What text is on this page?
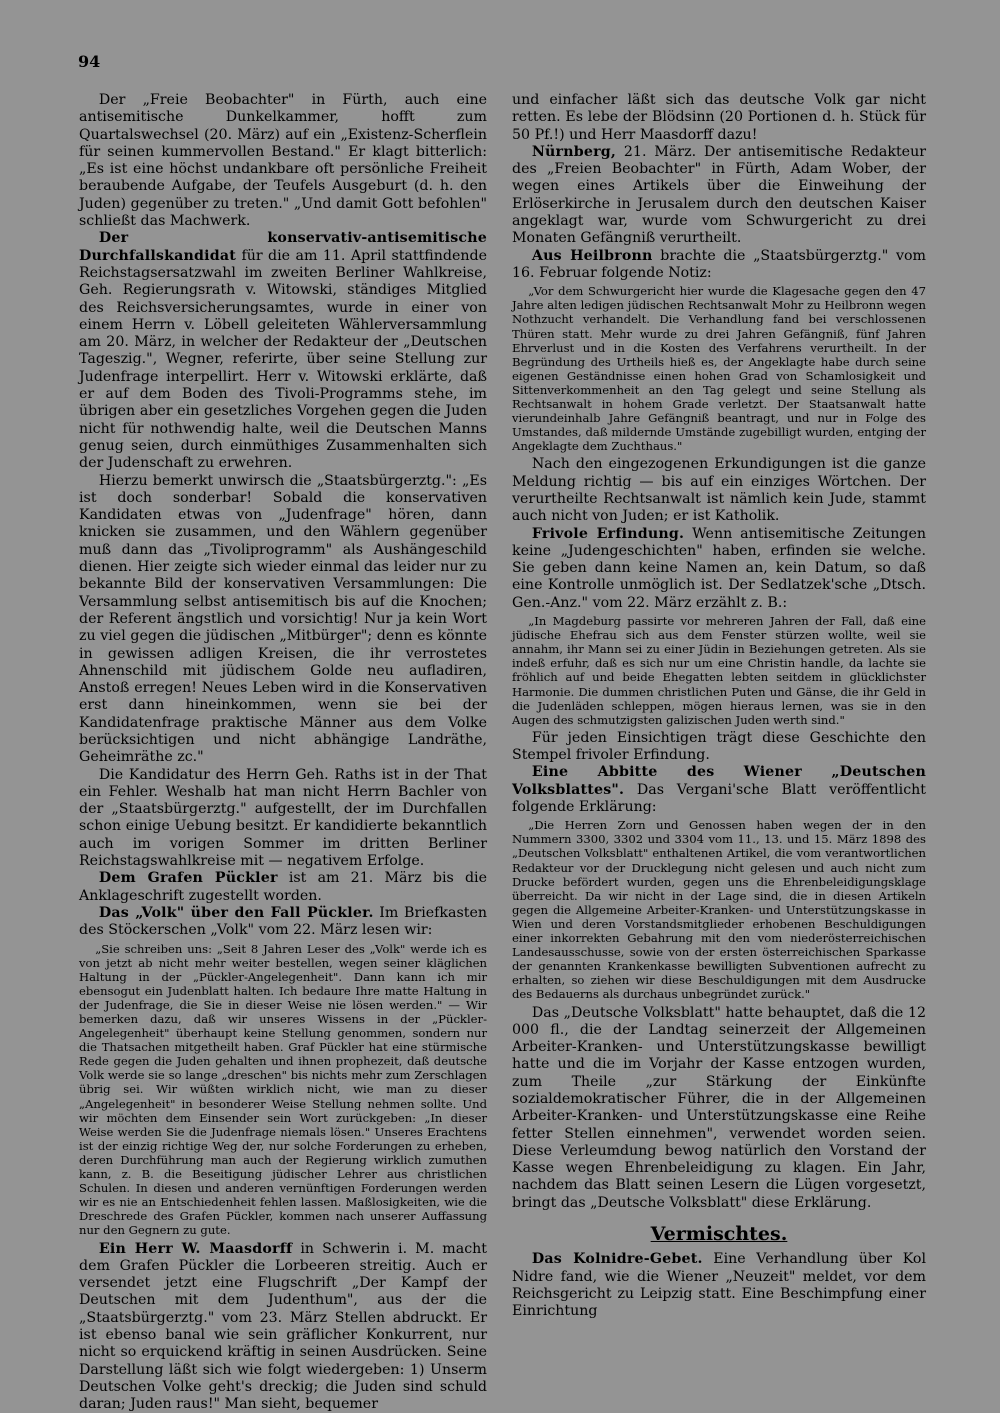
94

Der „Freie Beobachter" in Fürth, auch eine antisemitische Dunkelkammer, hofft zum Quartalswechsel (20. März) auf ein „Existenz-Scherflein für seinen kummervollen Bestand." Er klagt bitterlich: „Es ist eine höchst undankbare oft persönliche Freiheit beraubende Aufgabe, der Teufels Ausgeburt (d. h. den Juden) gegenüber zu treten." „Und damit Gott befohlen" schließt das Machwerk.

Der konservativ-antisemitische Durchfallskandidat für die am 11. April stattfindende Reichstagsersatzwahl im zweiten Berliner Wahlkreise, Geh. Regierungsrath v. Witowski, ständiges Mitglied des Reichsversicherungsamtes, wurde in einer von einem Herrn v. Löbell geleiteten Wählerversammlung am 20. März, in welcher der Redakteur der „Deutschen Tageszig.", Wegner, referirte, über seine Stellung zur Judenfrage interpellirt. Herr v. Witowski erklärte, daß er auf dem Boden des Tivoli-Programms stehe, im übrigen aber ein gesetzliches Vorgehen gegen die Juden nicht für nothwendig halte, weil die Deutschen Manns genug seien, durch einmüthiges Zusammenhalten sich der Judenschaft zu erwehren.

Hierzu bemerkt unwirsch die „Staatsbürgerztg.": „Es ist doch sonderbar! Sobald die konservativen Kandidaten etwas von „Judenfrage" hören, dann knicken sie zusammen, und den Wählern gegenüber muß dann das „Tivoliprogramm" als Aushängeschild dienen. Hier zeigte sich wieder einmal das leider nur zu bekannte Bild der konservativen Versammlungen: Die Versammlung selbst antisemitisch bis auf die Knochen; der Referent ängstlich und vorsichtig! Nur ja kein Wort zu viel gegen die jüdischen „Mitbürger"; denn es könnte in gewissen adligen Kreisen, die ihr verrostetes Ahnenschild mit jüdischem Golde neu aufladiren, Anstoß erregen! Neues Leben wird in die Konservativen erst dann hineinkommen, wenn sie bei der Kandidatenfrage praktische Männer aus dem Volke berücksichtigen und nicht abhängige Landräthe, Geheimräthe zc."

Die Kandidatur des Herrn Geh. Raths ist in der That ein Fehler. Weshalb hat man nicht Herrn Bachler von der „Staatsbürgerztg." aufgestellt, der im Durchfallen schon einige Uebung besitzt. Er kandidierte bekanntlich auch im vorigen Sommer im dritten Berliner Reichstagswahlkreise mit — negativem Erfolge.

Dem Grafen Pückler ist am 21. März bis die Anklageschrift zugestellt worden.

Das „Volk" über den Fall Pückler. Im Briefkasten des Stöckerschen „Volk" vom 22. März lesen wir:

„Sie schreiben uns: „Seit 8 Jahren Leser des „Volk" werde ich es von jetzt ab nicht mehr weiter bestellen, wegen seiner kläglichen Haltung in der „Pückler-Angelegenheit". Dann kann ich mir ebensogut ein Judenblatt halten. Ich bedaure Ihre matte Haltung in der Judenfrage, die Sie in dieser Weise nie lösen werden." — Wir bemerken dazu, daß wir unseres Wissens in der „Pückler-Angelegenheit" überhaupt keine Stellung genommen, sondern nur die Thatsachen mitgetheilt haben. Graf Pückler hat eine stürmische Rede gegen die Juden gehalten und ihnen prophezeit, daß deutsche Volk werde sie so lange „dreschen" bis nichts mehr zum Zerschlagen übrig sei. Wir wüßten wirklich nicht, wie man zu dieser „Angelegenheit" in besonderer Weise Stellung nehmen sollte. Und wir möchten dem Einsender sein Wort zurückgeben: „In dieser Weise werden Sie die Judenfrage niemals lösen." Unseres Erachtens ist der einzig richtige Weg der, nur solche Forderungen zu erheben, deren Durchführung man auch der Regierung wirklich zumuthen kann, z. B. die Beseitigung jüdischer Lehrer aus christlichen Schulen. In diesen und anderen vernünftigen Forderungen werden wir es nie an Entschiedenheit fehlen lassen. Maßlosigkeiten, wie die Dreschrede des Grafen Pückler, kommen nach unserer Auffassung nur den Gegnern zu gute.

Ein Herr W. Maasdorff in Schwerin i. M. macht dem Grafen Pückler die Lorbeeren streitig. Auch er versendet jetzt eine Flugschrift „Der Kampf der Deutschen mit dem Judenthum", aus der die „Staatsbürgerztg." vom 23. März Stellen abdruckt. Er ist ebenso banal wie sein gräflicher Konkurrent, nur nicht so erquickend kräftig in seinen Ausdrücken. Seine Darstellung läßt sich wie folgt wiedergeben: 1) Unserm Deutschen Volke geht's dreckig; die Juden sind schuld daran; Juden raus!" Man sieht, bequemer

und einfacher läßt sich das deutsche Volk gar nicht retten. Es lebe der Blödsinn (20 Portionen d. h. Stück für 50 Pf.!) und Herr Maasdorff dazu!

Nürnberg, 21. März. Der antisemitische Redakteur des „Freien Beobachter" in Fürth, Adam Wober, der wegen eines Artikels über die Einweihung der Erlöserkirche in Jerusalem durch den deutschen Kaiser angeklagt war, wurde vom Schwurgericht zu drei Monaten Gefängniß verurtheilt.

Aus Heilbronn brachte die „Staatsbürgerztg." vom 16. Februar folgende Notiz:

„Vor dem Schwurgericht hier wurde die Klagesache gegen den 47 Jahre alten ledigen jüdischen Rechtsanwalt Mohr zu Heilbronn wegen Nothzucht verhandelt. Die Verhandlung fand bei verschlossenen Thüren statt. Mehr wurde zu drei Jahren Gefängniß, fünf Jahren Ehrverlust und in die Kosten des Verfahrens verurtheilt. In der Begründung des Urtheils hieß es, der Angeklagte habe durch seine eigenen Geständnisse einen hohen Grad von Schamlosigkeit und Sittenverkommenheit an den Tag gelegt und seine Stellung als Rechtsanwalt in hohem Grade verletzt. Der Staatsanwalt hatte vierundeinhalb Jahre Gefängniß beantragt, und nur in Folge des Umstandes, daß mildernde Umstände zugebilligt wurden, entging der Angeklagte dem Zuchthaus."

Nach den eingezogenen Erkundigungen ist die ganze Meldung richtig — bis auf ein einziges Wörtchen. Der verurtheilte Rechtsanwalt ist nämlich kein Jude, stammt auch nicht von Juden; er ist Katholik.

Frivole Erfindung. Wenn antisemitische Zeitungen keine „Judengeschichten" haben, erfinden sie welche. Sie geben dann keine Namen an, kein Datum, so daß eine Kontrolle unmöglich ist. Der Sedlatzek'sche „Dtsch. Gen.-Anz." vom 22. März erzählt z. B.:

„In Magdeburg passirte vor mehreren Jahren der Fall, daß eine jüdische Ehefrau sich aus dem Fenster stürzen wollte, weil sie annahm, ihr Mann sei zu einer Jüdin in Beziehungen getreten. Als sie indeß erfuhr, daß es sich nur um eine Christin handle, da lachte sie fröhlich auf und beide Ehegatten lebten seitdem in glücklichster Harmonie. Die dummen christlichen Puten und Gänse, die ihr Geld in die Judenläden schleppen, mögen hieraus lernen, was sie in den Augen des schmutzigsten galizischen Juden werth sind."

Für jeden Einsichtigen trägt diese Geschichte den Stempel frivoler Erfindung.

Eine Abbitte des Wiener „Deutschen Volksblattes". Das Vergani'sche Blatt veröffentlicht folgende Erklärung:

„Die Herren Zorn und Genossen haben wegen der in den Nummern 3300, 3302 und 3304 vom 11., 13. und 15. März 1898 des „Deutschen Volksblatt" enthaltenen Artikel, die vom verantwortlichen Redakteur vor der Drucklegung nicht gelesen und auch nicht zum Drucke befördert wurden, gegen uns die Ehrenbeleidigungsklage überreicht. Da wir nicht in der Lage sind, die in diesen Artikeln gegen die Allgemeine Arbeiter-Kranken- und Unterstützungskasse in Wien und deren Vorstandsmitglieder erhobenen Beschuldigungen einer inkorrekten Gebahrung mit den vom niederösterreichischen Landesausschusse, sowie von der ersten österreichischen Sparkasse der genannten Krankenkasse bewilligten Subventionen aufrecht zu erhalten, so ziehen wir diese Beschuldigungen mit dem Ausdrucke des Bedauerns als durchaus unbegründet zurück."

Das „Deutsche Volksblatt" hatte behauptet, daß die 12 000 fl., die der Landtag seinerzeit der Allgemeinen Arbeiter-Kranken- und Unterstützungskasse bewilligt hatte und die im Vorjahr der Kasse entzogen wurden, zum Theile „zur Stärkung der Einkünfte sozialdemokratischer Führer, die in der Allgemeinen Arbeiter-Kranken- und Unterstützungskasse eine Reihe fetter Stellen einnehmen", verwendet worden seien. Diese Verleumdung bewog natürlich den Vorstand der Kasse wegen Ehrenbeleidigung zu klagen. Ein Jahr, nachdem das Blatt seinen Lesern die Lügen vorgesetzt, bringt das „Deutsche Volksblatt" diese Erklärung.

Vermischtes.

Das Kolnidre-Gebet. Eine Verhandlung über Kol Nidre fand, wie die Wiener „Neuzeit" meldet, vor dem Reichsgericht zu Leipzig statt. Eine Beschimpfung einer Einrichtung
